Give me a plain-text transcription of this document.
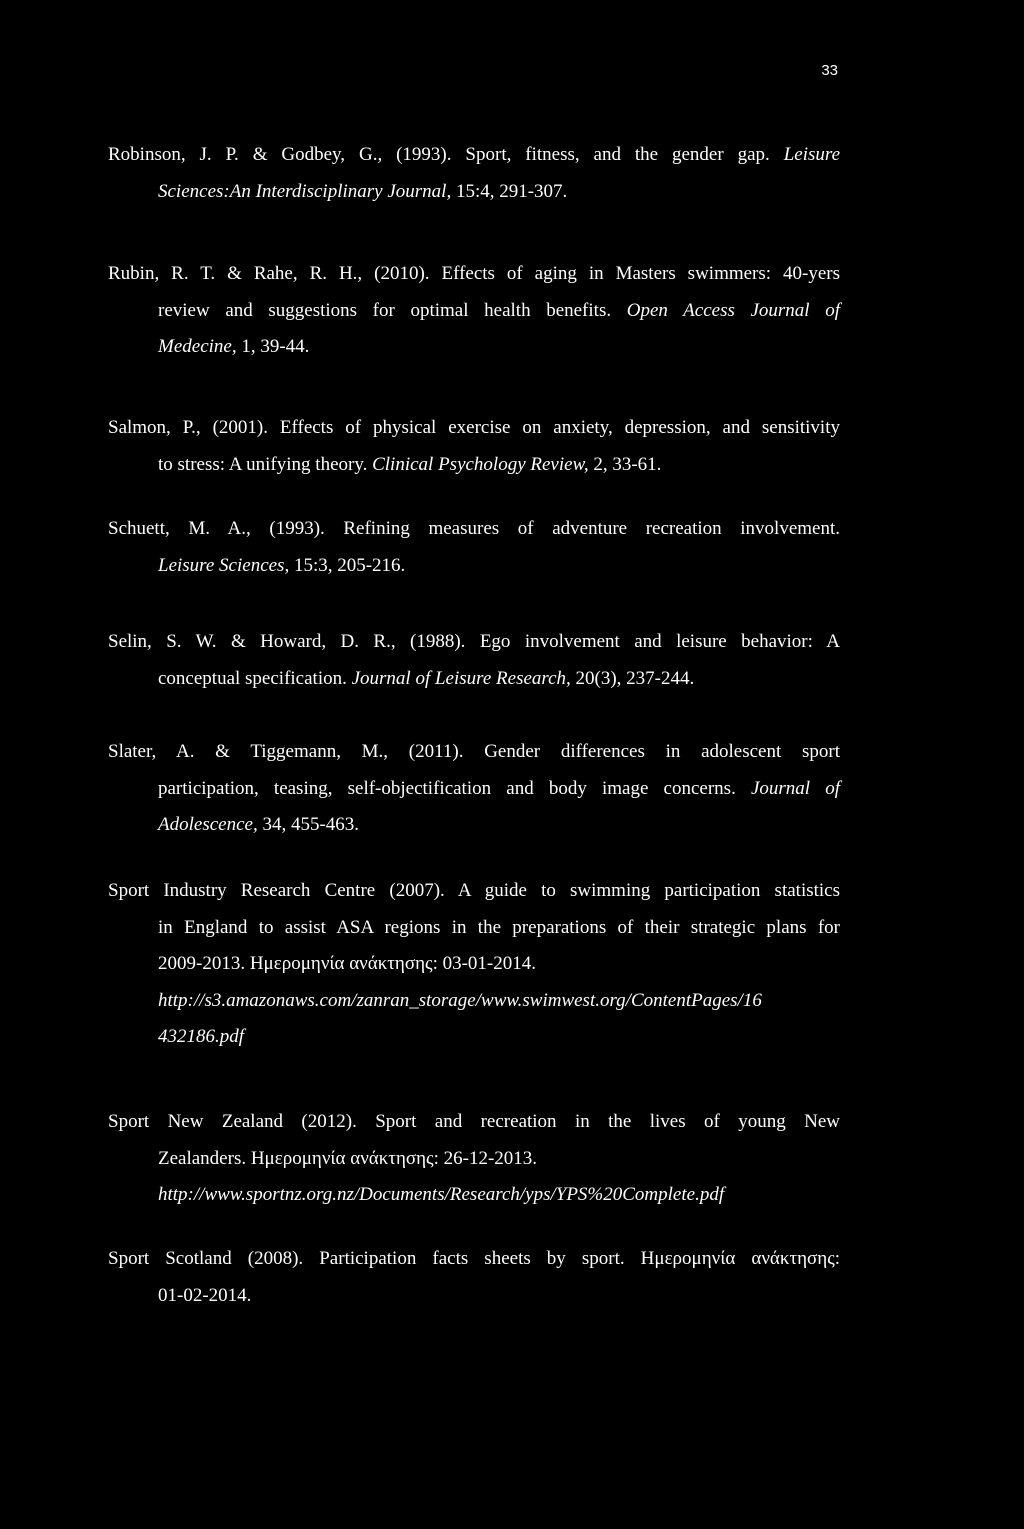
33
Robinson, J. P. & Godbey, G., (1993). Sport, fitness, and the gender gap. Leisure
Sciences:An Interdisciplinary Journal, 15:4, 291-307.
Rubin, R. T. & Rahe, R. H., (2010). Effects of aging in Masters swimmers: 40-yers
review and suggestions for optimal health benefits. Open Access Journal of
Medecine, 1, 39-44.
Salmon, P., (2001). Effects of physical exercise on anxiety, depression, and sensitivity
to stress: A unifying theory. Clinical Psychology Review, 2, 33-61.
Schuett, M. A., (1993). Refining measures of adventure recreation involvement.
Leisure Sciences, 15:3, 205-216.
Selin, S. W. & Howard, D. R., (1988). Ego involvement and leisure behavior: A
conceptual specification. Journal of Leisure Research, 20(3), 237-244.
Slater, A. & Tiggemann, M., (2011). Gender differences in adolescent sport
participation, teasing, self-objectification and body image concerns. Journal of
Adolescence, 34, 455-463.
Sport Industry Research Centre (2007). A guide to swimming participation statistics
in England to assist ASA regions in the preparations of their strategic plans for
2009-2013. Ημερομηνία ανάκτησης: 03-01-2014.
http://s3.amazonaws.com/zanran_storage/www.swimwest.org/ContentPages/16
432186.pdf
Sport New Zealand (2012). Sport and recreation in the lives of young New
Zealanders. Ημερομηνία ανάκτησης: 26-12-2013.
http://www.sportnz.org.nz/Documents/Research/yps/YPS%20Complete.pdf
Sport Scotland (2008). Participation facts sheets by sport. Ημερομηνία ανάκτησης:
01-02-2014.
